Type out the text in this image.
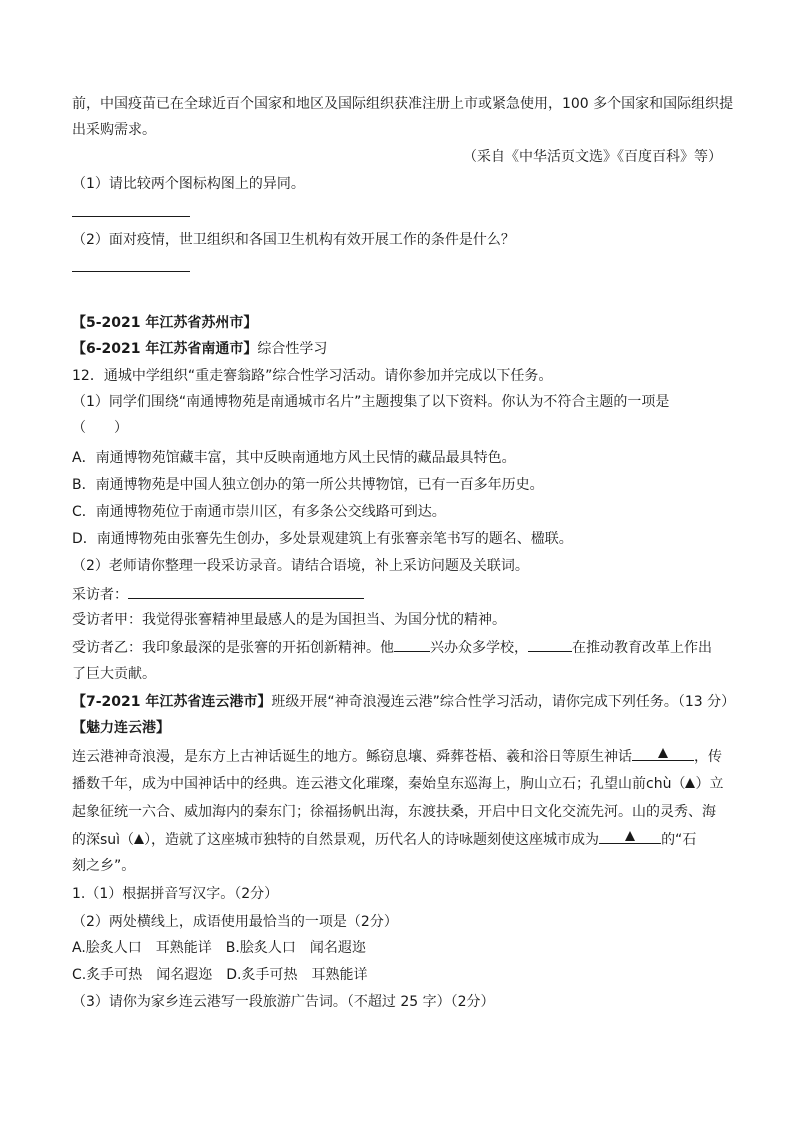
前，中国疫苗已在全球近百个国家和地区及国际组织获准注册上市或紧急使用，100 多个国家和国际组织提
出采购需求。
（采自《中华活页文选》《百度百科》等）
（1）请比较两个图标构图上的异同。
（2）面对疫情，世卫组织和各国卫生机构有效开展工作的条件是什么？
【5-2021 年江苏省苏州市】
【6-2021 年江苏省南通市】综合性学习
12．通城中学组织“重走謇翁路”综合性学习活动。请你参加并完成以下任务。
（1）同学们围绕“南通博物苑是南通城市名片”主题搜集了以下资料。你认为不符合主题的一项是
（　　）
A．南通博物苑馆藏丰富，其中反映南通地方风土民情的藏品最具特色。
B．南通博物苑是中国人独立创办的第一所公共博物馆，已有一百多年历史。
C．南通博物苑位于南通市崇川区，有多条公交线路可到达。
D．南通博物苑由张謇先生创办，多处景观建筑上有张謇亲笔书写的题名、楹联。
（2）老师请你整理一段采访录音。请结合语境，补上采访问题及关联词。
采访者：
受访者甲：我觉得张謇精神里最感人的是为国担当、为国分忧的精神。
受访者乙：我印象最深的是张謇的开拓创新精神。他	兴办众多学校，	在推动教育改革上作出
了巨大贡献。
【7-2021 年江苏省连云港市】班级开展“神奇浪漫连云港”综合性学习活动，请你完成下列任务。（13 分）
【魅力连云港】
连云港神奇浪漫，是东方上古神话诞生的地方。鲧窃息壤、舜葬苍梧、羲和浴日等原生神话	，传
播数千年，成为中国神话中的经典。连云港文化璀璨，秦始皇东巡海上，朐山立石；孔望山前chù（ ）立
起象征统一六合、威加海内的秦东门；徐福扬帆出海，东渡扶桑，开启中日文化交流先河。山的灵秀、海
的深suì（ ），造就了这座城市独特的自然景观，历代名人的诗咏题刻使这座城市成为	的“石
刻之乡”。
1.（1）根据拼音写汉字。（2分）
（2）两处横线上，成语使用最恰当的一项是（2分）
A.脍炙人口　耳熟能详　B.脍炙人口　闻名遐迩
C.炙手可热　闻名遐迩　D.炙手可热　耳熟能详
（3）请你为家乡连云港写一段旅游广告词。（不超过 25 字）（2分）
